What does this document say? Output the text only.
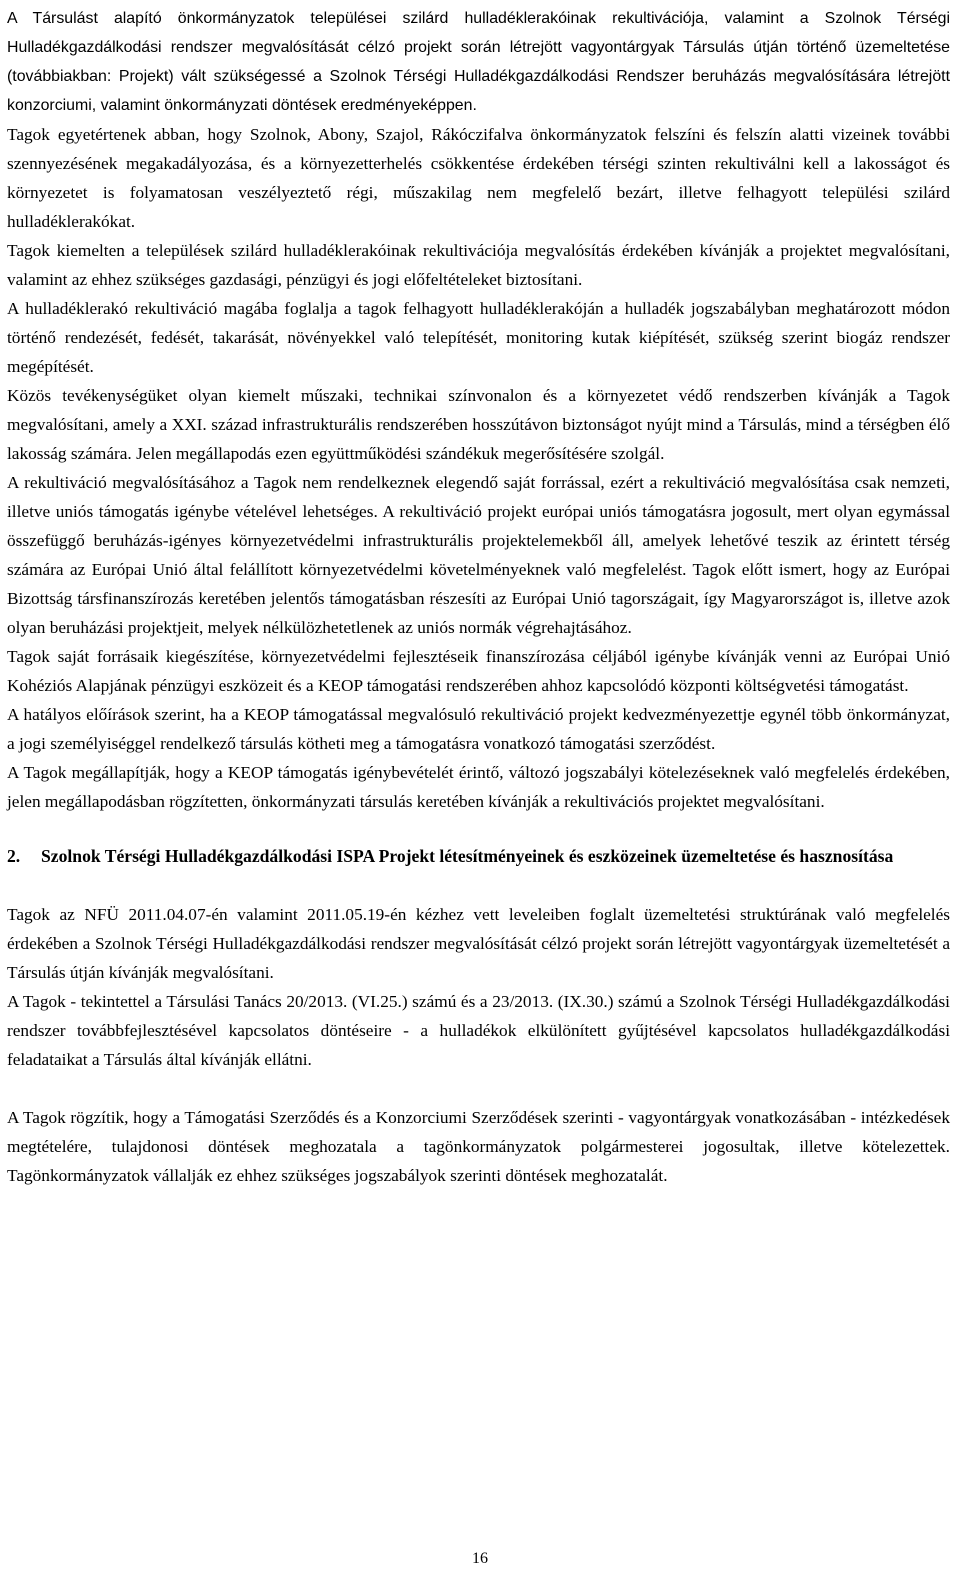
A Társulást alapító önkormányzatok települései szilárd hulladéklerakóinak rekultivációja, valamint a Szolnok Térségi Hulladékgazdálkodási rendszer megvalósítását célzó projekt során létrejött vagyontárgyak Társulás útján történő üzemeltetése (továbbiakban: Projekt) vált szükségessé a Szolnok Térségi Hulladékgazdálkodási Rendszer beruházás megvalósítására létrejött konzorciumi, valamint önkormányzati döntések eredményeképpen.

Tagok egyetértenek abban, hogy Szolnok, Abony, Szajol, Rákóczifalva önkormányzatok felszíni és felszín alatti vizeinek további szennyezésének megakadályozása, és a környezetterhelés csökkentése érdekében térségi szinten rekultiválni kell a lakosságot és környezetet is folyamatosan veszélyeztető régi, műszakilag nem megfelelő bezárt, illetve felhagyott települési szilárd hulladéklerakókat.

Tagok kiemelten a települések szilárd hulladéklerakóinak rekultivációja megvalósítás érdekében kívánják a projektet megvalósítani, valamint az ehhez szükséges gazdasági, pénzügyi és jogi előfeltételeket biztosítani.

A hulladéklerakó rekultiváció magába foglalja a tagok felhagyott hulladéklerakóján a hulladék jogszabályban meghatározott módon történő rendezését, fedését, takarását, növényekkel való telepítését, monitoring kutak kiépítését, szükség szerint biogáz rendszer megépítését.

Közös tevékenységüket olyan kiemelt műszaki, technikai színvonalon és a környezetet védő rendszerben kívánják a Tagok megvalósítani, amely a XXI. század infrastrukturális rendszerében hosszútávon biztonságot nyújt mind a Társulás, mind a térségben élő lakosság számára. Jelen megállapodás ezen együttműködési szándékuk megerősítésére szolgál.

A rekultiváció megvalósításához a Tagok nem rendelkeznek elegendő saját forrással, ezért a rekultiváció megvalósítása csak nemzeti, illetve uniós támogatás igénybe vételével lehetséges. A rekultiváció projekt európai uniós támogatásra jogosult, mert olyan egymással összefüggő beruházás-igényes környezetvédelmi infrastrukturális projektelemekből áll, amelyek lehetővé teszik az érintett térség számára az Európai Unió által felállított környezetvédelmi követelményeknek való megfelelést. Tagok előtt ismert, hogy az Európai Bizottság társfinanszírozás keretében jelentős támogatásban részesíti az Európai Unió tagországait, így Magyarországot is, illetve azok olyan beruházási projektjeit, melyek nélkülözhetetlenek az uniós normák végrehajtásához.

Tagok saját forrásaik kiegészítése, környezetvédelmi fejlesztéseik finanszírozása céljából igénybe kívánják venni az Európai Unió Kohéziós Alapjának pénzügyi eszközeit és a KEOP támogatási rendszerében ahhoz kapcsolódó központi költségvetési támogatást.

A hatályos előírások szerint, ha a KEOP támogatással megvalósuló rekultiváció projekt kedvezményezettje egynél több önkormányzat, a jogi személyiséggel rendelkező társulás kötheti meg a támogatásra vonatkozó támogatási szerződést.

A Tagok megállapítják, hogy a KEOP támogatás igénybevételét érintő, változó jogszabályi kötelezéseknek való megfelelés érdekében, jelen megállapodásban rögzítetten, önkormányzati társulás keretében kívánják a rekultivációs projektet megvalósítani.

2.	Szolnok Térségi Hulladékgazdálkodási ISPA Projekt létesítményeinek és eszközeinek üzemeltetése és hasznosítása

Tagok az NFÜ 2011.04.07-én valamint 2011.05.19-én kézhez vett leveleiben foglalt üzemeltetési struktúrának való megfelelés érdekében a Szolnok Térségi Hulladékgazdálkodási rendszer megvalósítását célzó projekt során létrejött vagyontárgyak üzemeltetését a Társulás útján kívánják megvalósítani.

A Tagok - tekintettel a Társulási Tanács 20/2013. (VI.25.) számú és a 23/2013. (IX.30.) számú a Szolnok Térségi Hulladékgazdálkodási rendszer továbbfejlesztésével kapcsolatos döntéseire - a hulladékok elkülönített gyűjtésével kapcsolatos hulladékgazdálkodási feladataikat a Társulás által kívánják ellátni.

A Tagok rögzítik, hogy a Támogatási Szerződés és a Konzorciumi Szerződések szerinti - vagyontárgyak vonatkozásában - intézkedések megtételére, tulajdonosi döntések meghozatala a tagönkormányzatok polgármesterei jogosultak, illetve kötelezettek. Tagönkormányzatok vállalják ez ehhez szükséges jogszabályok szerinti döntések meghozatalát.

16
